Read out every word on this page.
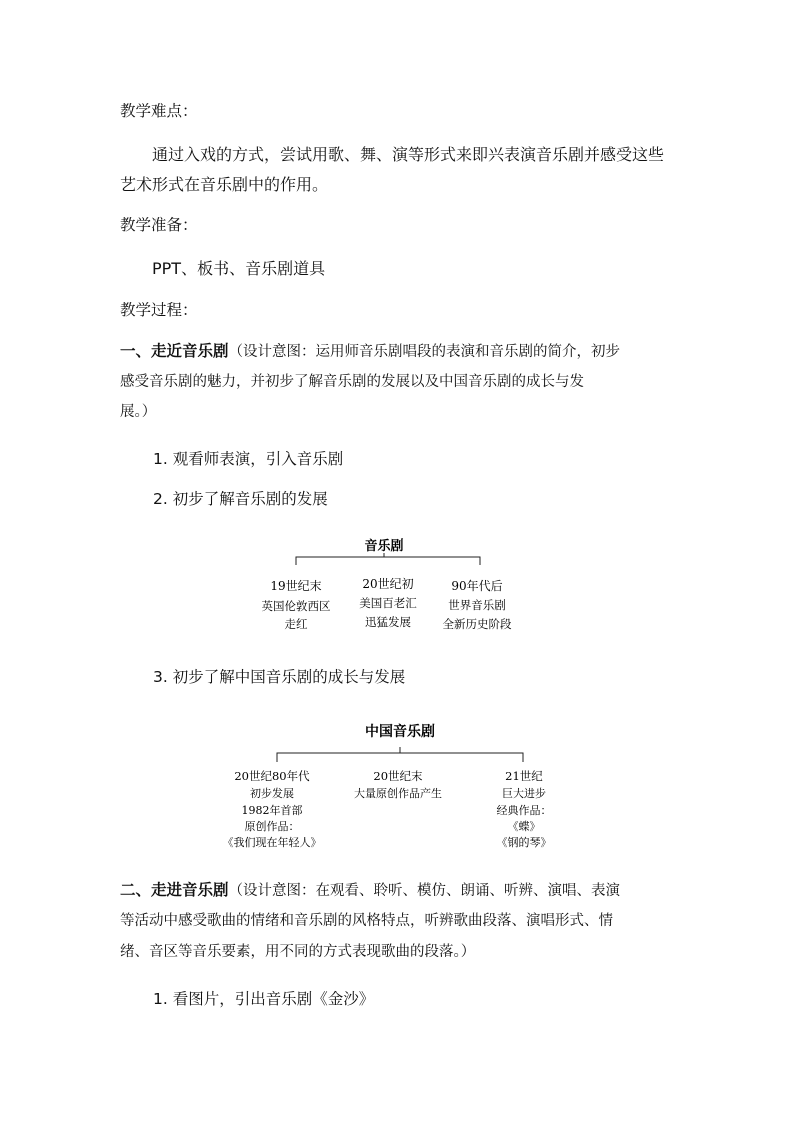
教学难点：
通过入戏的方式，尝试用歌、舞、演等形式来即兴表演音乐剧并感受这些
艺术形式在音乐剧中的作用。
教学准备：
PPT、板书、音乐剧道具
教学过程：
一、走近音乐剧（设计意图：运用师音乐剧唱段的表演和音乐剧的简介，初步
感受音乐剧的魅力，并初步了解音乐剧的发展以及中国音乐剧的成长与发
展。）
1. 观看师表演，引入音乐剧
2. 初步了解音乐剧的发展
音乐剧
19世纪末
英国伦敦西区
走红
20世纪初
美国百老汇
迅猛发展
90年代后
世界音乐剧
全新历史阶段
3. 初步了解中国音乐剧的成长与发展
中国音乐剧
20世纪80年代
初步发展
1982年首部
原创作品：
《我们现在年轻人》
20世纪末
大量原创作品产生
21世纪
巨大进步
经典作品：
《蝶》
《钢的琴》
二、走进音乐剧（设计意图：在观看、聆听、模仿、朗诵、听辨、演唱、表演
等活动中感受歌曲的情绪和音乐剧的风格特点，听辨歌曲段落、演唱形式、情
绪、音区等音乐要素，用不同的方式表现歌曲的段落。）
1. 看图片，引出音乐剧《金沙》
